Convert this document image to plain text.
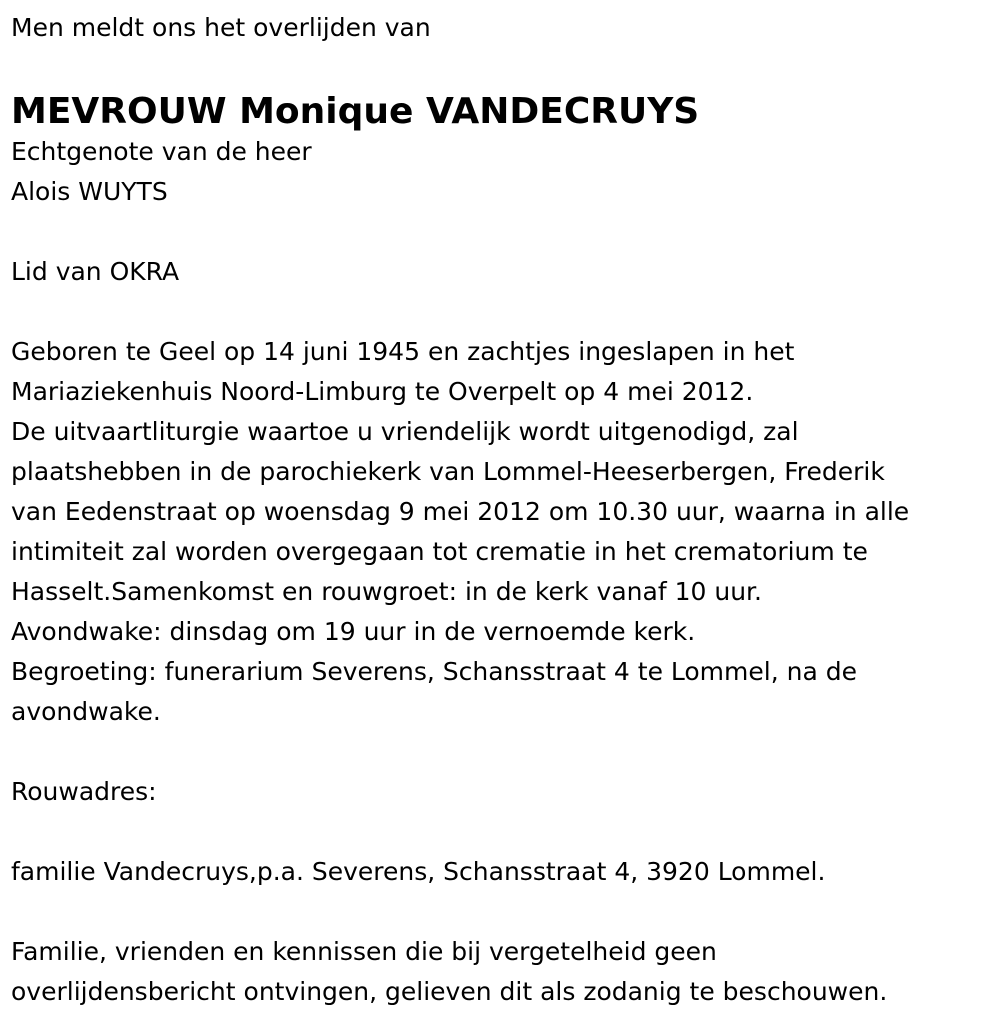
Men meldt ons het overlijden van

MEVROUW Monique VANDECRUYS

Echtgenote van de heer

Alois WUYTS

Lid van OKRA

Geboren te Geel op 14 juni 1945 en zachtjes ingeslapen in het

Mariaziekenhuis Noord-Limburg te Overpelt op 4 mei 2012.

De uitvaartliturgie waartoe u vriendelijk wordt uitgenodigd, zal

plaatshebben in de parochiekerk van Lommel-Heeserbergen, Frederik

van Eedenstraat op woensdag 9 mei 2012 om 10.30 uur, waarna in alle

intimiteit zal worden overgegaan tot crematie in het crematorium te

Hasselt.Samenkomst en rouwgroet: in de kerk vanaf 10 uur.

Avondwake: dinsdag om 19 uur in de vernoemde kerk.

Begroeting: funerarium Severens, Schansstraat 4 te Lommel, na de

avondwake.

Rouwadres:

familie Vandecruys,p.a. Severens, Schansstraat 4, 3920 Lommel.

Familie, vrienden en kennissen die bij vergetelheid geen

overlijdensbericht ontvingen, gelieven dit als zodanig te beschouwen.
